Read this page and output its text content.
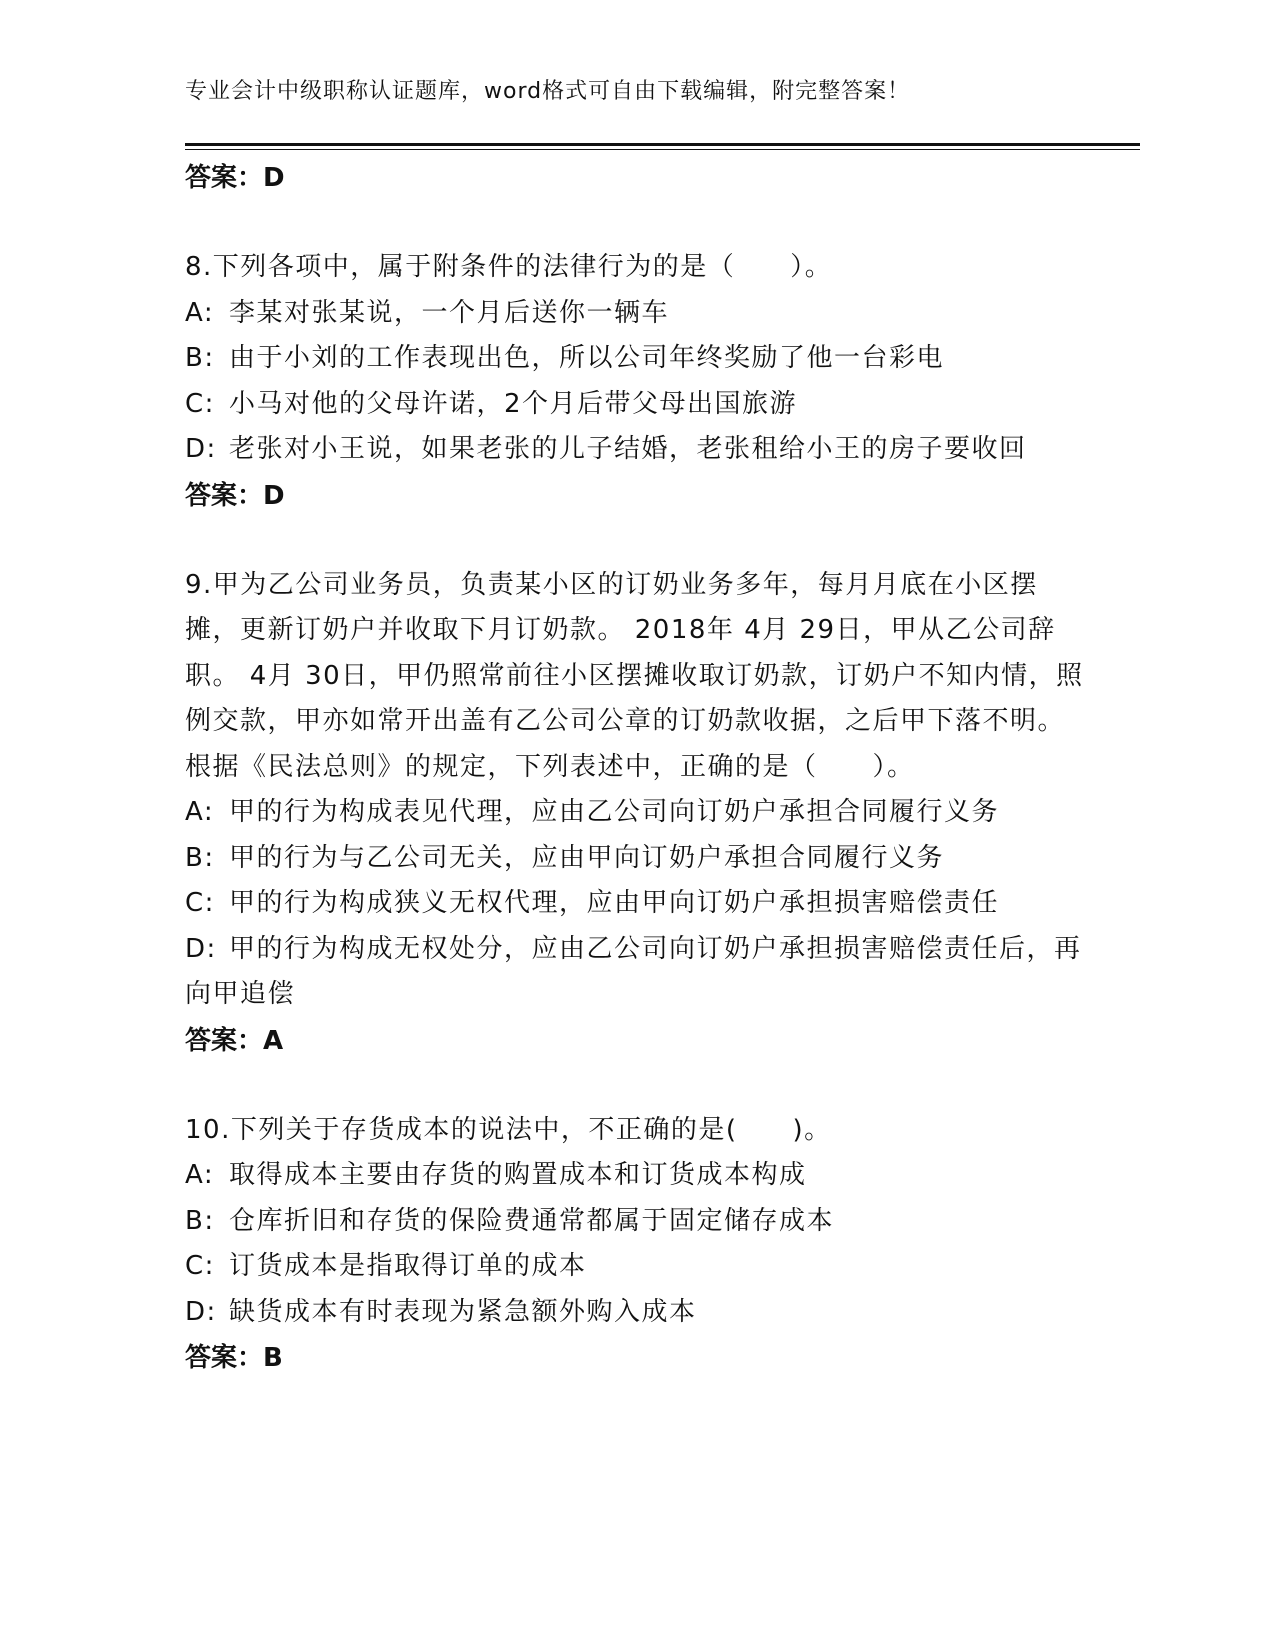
专业会计中级职称认证题库，word格式可自由下载编辑，附完整答案！
答案：D
8.下列各项中，属于附条件的法律行为的是（　　）。
A: 李某对张某说，一个月后送你一辆车
B: 由于小刘的工作表现出色，所以公司年终奖励了他一台彩电
C: 小马对他的父母许诺，2个月后带父母出国旅游
D: 老张对小王说，如果老张的儿子结婚，老张租给小王的房子要收回
答案：D
9.甲为乙公司业务员，负责某小区的订奶业务多年，每月月底在小区摆摊，更新订奶户并收取下月订奶款。 2018年 4月 29日，甲从乙公司辞职。 4月 30日，甲仍照常前往小区摆摊收取订奶款，订奶户不知内情，照例交款，甲亦如常开出盖有乙公司公章的订奶款收据，之后甲下落不明。根据《民法总则》的规定，下列表述中，正确的是（　　）。
A: 甲的行为构成表见代理，应由乙公司向订奶户承担合同履行义务
B: 甲的行为与乙公司无关，应由甲向订奶户承担合同履行义务
C: 甲的行为构成狭义无权代理，应由甲向订奶户承担损害赔偿责任
D: 甲的行为构成无权处分，应由乙公司向订奶户承担损害赔偿责任后，再向甲追偿
答案：A
10.下列关于存货成本的说法中，不正确的是(　　)。
A: 取得成本主要由存货的购置成本和订货成本构成
B: 仓库折旧和存货的保险费通常都属于固定储存成本
C: 订货成本是指取得订单的成本
D: 缺货成本有时表现为紧急额外购入成本
答案：B
